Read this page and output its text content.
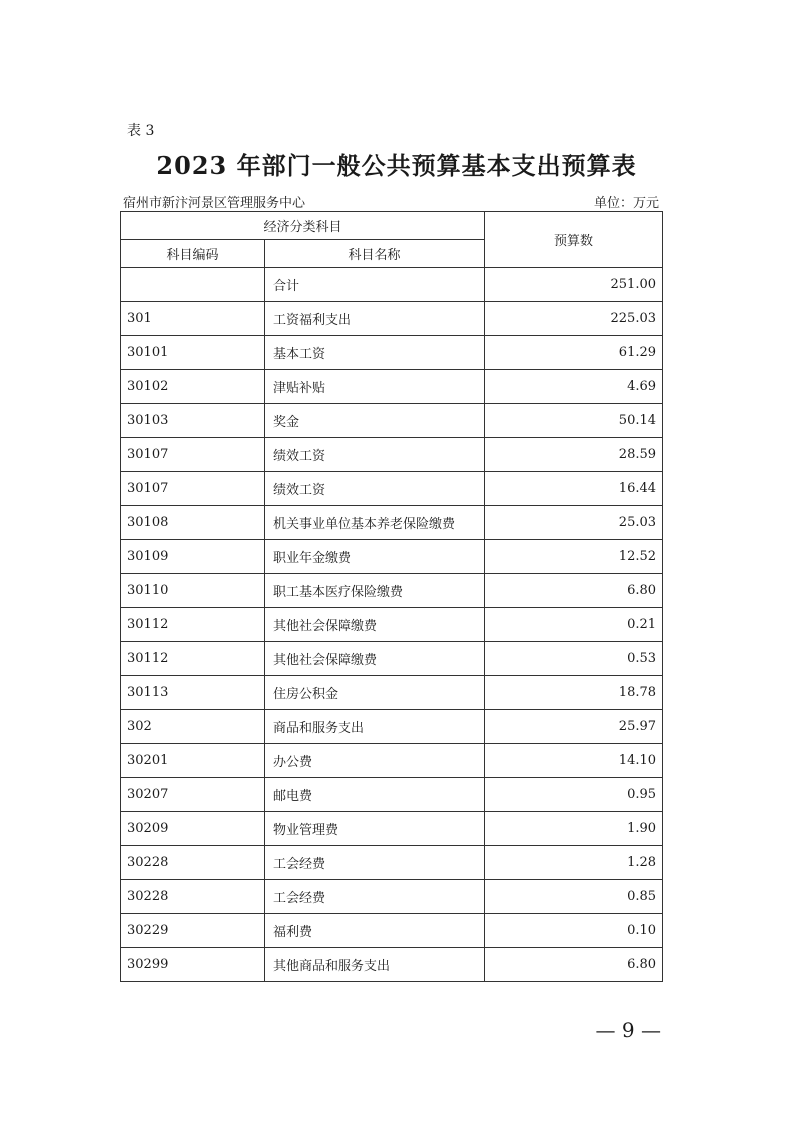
表 3
2023 年部门一般公共预算基本支出预算表
宿州市新汴河景区管理服务中心	单位：万元
经济分类科目		预算数
科目编码	科目名称	
	合计	251.00
301	工资福利支出	225.03
30101	基本工资	61.29
30102	津贴补贴	4.69
30103	奖金	50.14
30107	绩效工资	28.59
30107	绩效工资	16.44
30108	机关事业单位基本养老保险缴费	25.03
30109	职业年金缴费	12.52
30110	职工基本医疗保险缴费	6.80
30112	其他社会保障缴费	0.21
30112	其他社会保障缴费	0.53
30113	住房公积金	18.78
302	商品和服务支出	25.97
30201	办公费	14.10
30207	邮电费	0.95
30209	物业管理费	1.90
30228	工会经费	1.28
30228	工会经费	0.85
30229	福利费	0.10
30299	其他商品和服务支出	6.80
— 9 —
